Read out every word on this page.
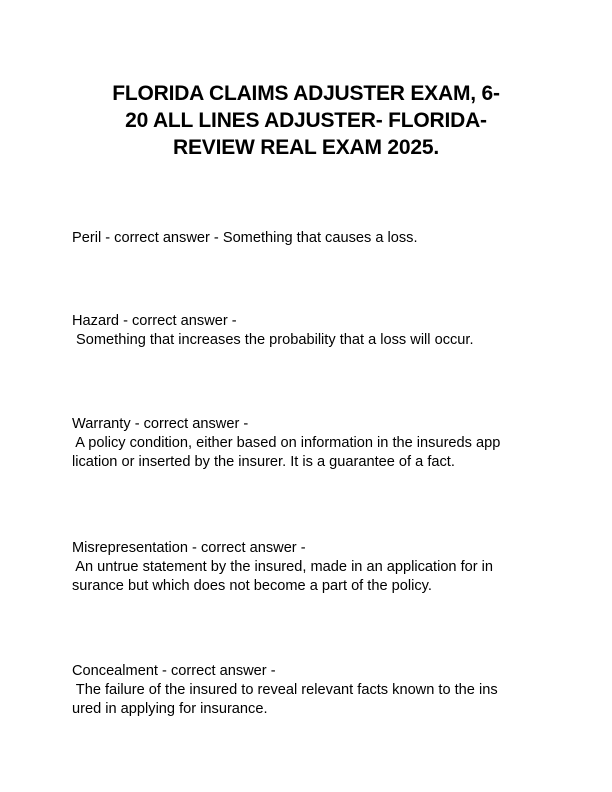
FLORIDA CLAIMS ADJUSTER EXAM, 6-
20 ALL LINES ADJUSTER- FLORIDA-
REVIEW REAL EXAM 2025.
Peril - correct answer - Something that causes a loss.
Hazard - correct answer -
Something that increases the probability that a loss will occur.
Warranty - correct answer -
A policy condition, either based on information in the insureds app
lication or inserted by the insurer. It is a guarantee of a fact.
Misrepresentation - correct answer -
An untrue statement by the insured, made in an application for in
surance but which does not become a part of the policy.
Concealment - correct answer -
The failure of the insured to reveal relevant facts known to the ins
ured in applying for insurance.
